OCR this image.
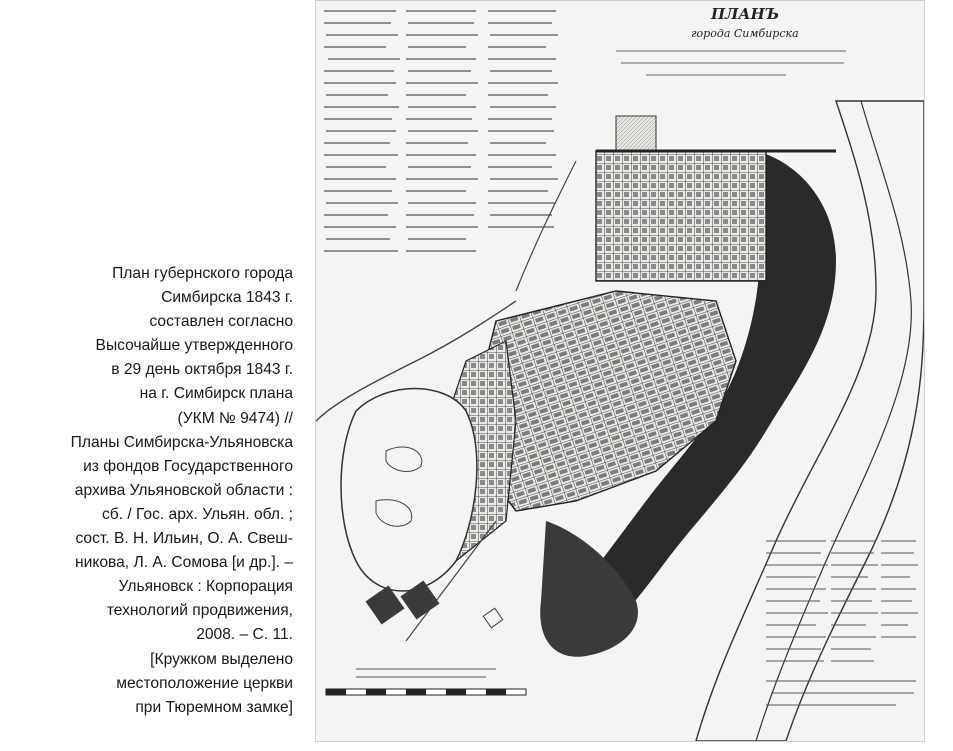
План губернского города
Симбирска 1843 г.
составлен согласно
Высочайше утвержденного
в 29 день октября 1843 г.
на г. Симбирск плана
(УКМ № 9474) //
Планы Симбирска-Ульяновска
из фондов Государственного
архива Ульяновской области :
сб. / Гос. арх. Ульян. обл. ;
сост. В. Н. Ильин, О. А. Свеш-
никова, Л. А. Сомова [и др.]. –
Ульяновск : Корпорация
технологий продвижения,
2008. – С. 11.
[Кружком выделено
местоположение церкви
при Тюремном замке]
ПЛАНЪ
города Симбирска
